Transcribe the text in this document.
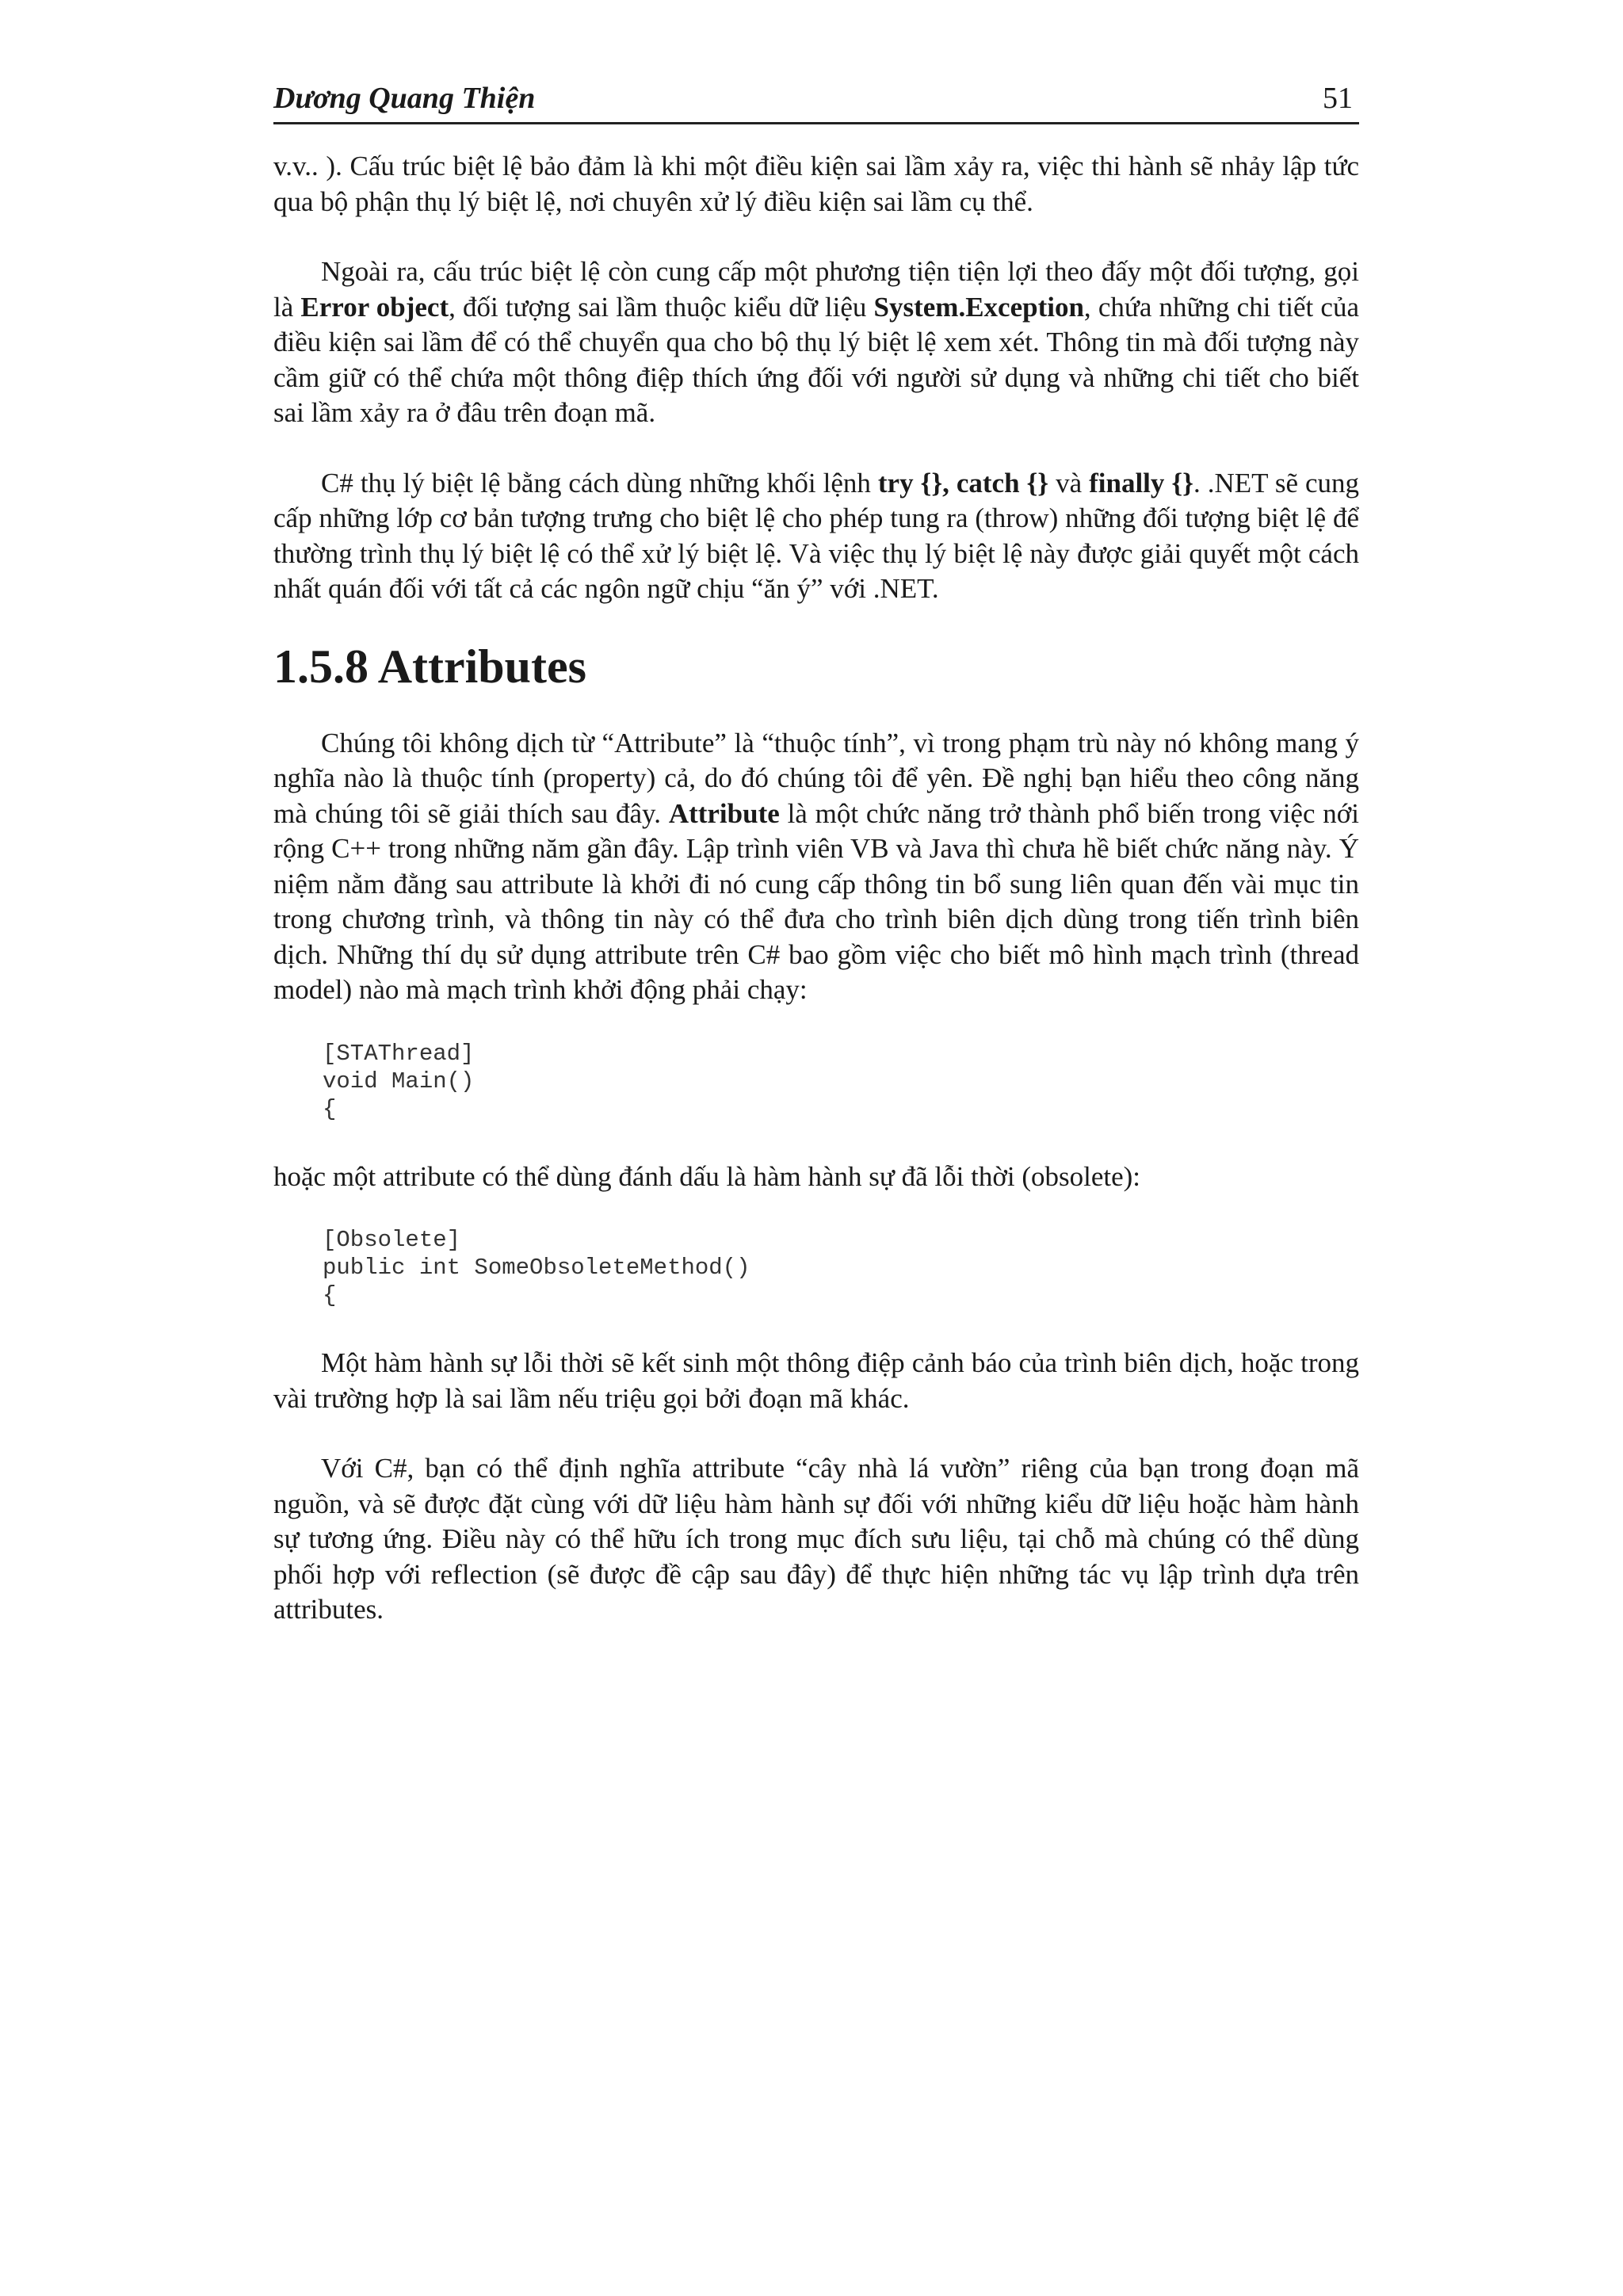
Dương Quang Thiện	51

v.v.. ). Cấu trúc biệt lệ bảo đảm là khi một điều kiện sai lầm xảy ra, việc thi hành sẽ nhảy lập tức qua bộ phận thụ lý biệt lệ, nơi chuyên xử lý điều kiện sai lầm cụ thể.

Ngoài ra, cấu trúc biệt lệ còn cung cấp một phương tiện tiện lợi theo đấy một đối tượng, gọi là Error object, đối tượng sai lầm thuộc kiểu dữ liệu System.Exception, chứa những chi tiết của điều kiện sai lầm để có thể chuyển qua cho bộ thụ lý biệt lệ xem xét. Thông tin mà đối tượng này cầm giữ có thể chứa một thông điệp thích ứng đối với người sử dụng và những chi tiết cho biết sai lầm xảy ra ở đâu trên đoạn mã.

C# thụ lý biệt lệ bằng cách dùng những khối lệnh try {}, catch {} và finally {}. .NET sẽ cung cấp những lớp cơ bản tượng trưng cho biệt lệ cho phép tung ra (throw) những đối tượng biệt lệ để thường trình thụ lý biệt lệ có thể xử lý biệt lệ. Và việc thụ lý biệt lệ này được giải quyết một cách nhất quán đối với tất cả các ngôn ngữ chịu “ăn ý” với .NET.

1.5.8 Attributes

Chúng tôi không dịch từ “Attribute” là “thuộc tính”, vì trong phạm trù này nó không mang ý nghĩa nào là thuộc tính (property) cả, do đó chúng tôi để yên. Đề nghị bạn hiểu theo công năng mà chúng tôi sẽ giải thích sau đây. Attribute là một chức năng trở thành phổ biến trong việc nới rộng C++ trong những năm gần đây. Lập trình viên VB và Java thì chưa hề biết chức năng này. Ý niệm nằm đằng sau attribute là khởi đi nó cung cấp thông tin bổ sung liên quan đến vài mục tin trong chương trình, và thông tin này có thể đưa cho trình biên dịch dùng trong tiến trình biên dịch. Những thí dụ sử dụng attribute trên C# bao gồm việc cho biết mô hình mạch trình (thread model) nào mà mạch trình khởi động phải chạy:

[STAThread]
void Main()
{

hoặc một attribute có thể dùng đánh dấu là hàm hành sự đã lỗi thời (obsolete):

[Obsolete]
public int SomeObsoleteMethod()
{

Một hàm hành sự lỗi thời sẽ kết sinh một thông điệp cảnh báo của trình biên dịch, hoặc trong vài trường hợp là sai lầm nếu triệu gọi bởi đoạn mã khác.

Với C#, bạn có thể định nghĩa attribute “cây nhà lá vườn” riêng của bạn trong đoạn mã nguồn, và sẽ được đặt cùng với dữ liệu hàm hành sự đối với những kiểu dữ liệu hoặc hàm hành sự tương ứng. Điều này có thể hữu ích trong mục đích sưu liệu, tại chỗ mà chúng có thể dùng phối hợp với reflection (sẽ được đề cập sau đây) để thực hiện những tác vụ lập trình dựa trên attributes.
